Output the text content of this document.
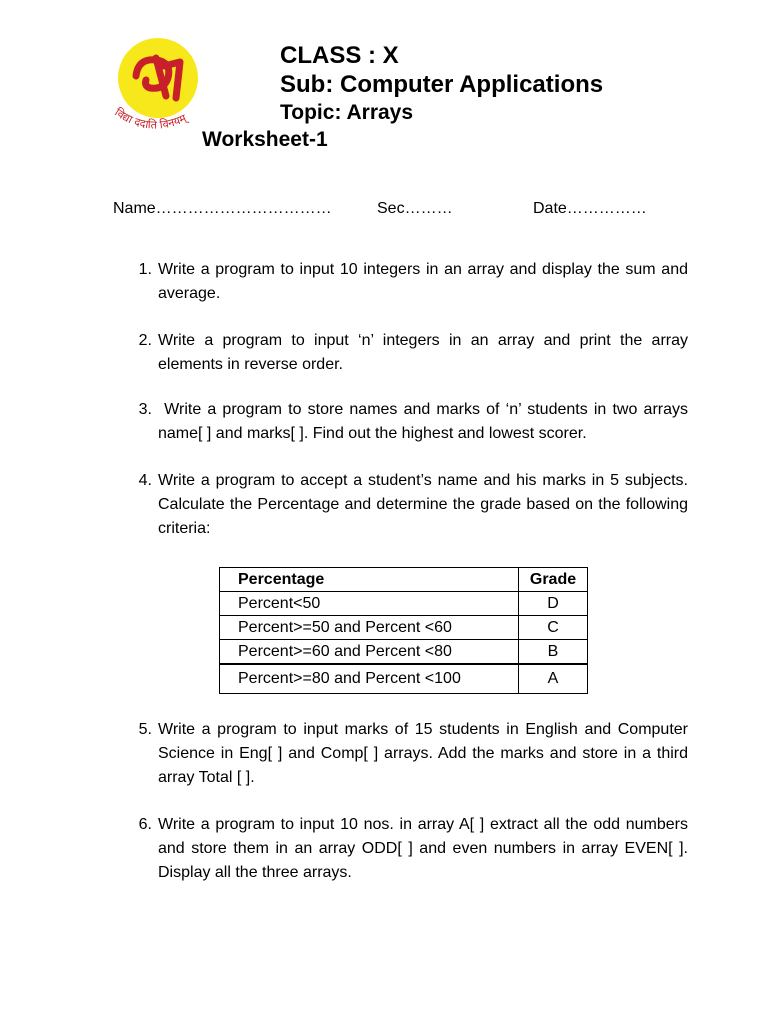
विद्या ददाति विनयम्
CLASS : X
Sub: Computer Applications
Topic: Arrays
Worksheet-1
Name……………………………	Sec………	Date……………
1. Write a program to input 10 integers in an array and display the sum and average.
2. Write a program to input ‘n’ integers in an array and print the array elements in reverse order.
3. Write a program to store names and marks of ‘n’ students in two arrays name[ ] and marks[ ]. Find out the highest and lowest scorer.
4. Write a program to accept a student’s name and his marks in 5 subjects. Calculate the Percentage and determine the grade based on the following criteria:
Percentage	Grade
Percent<50	D
Percent>=50 and Percent <60	C
Percent>=60 and Percent <80	B
Percent>=80 and Percent <100	A
5. Write a program to input marks of 15 students in English and Computer Science in Eng[ ] and Comp[ ] arrays. Add the marks and store in a third array Total [ ].
6. Write a program to input 10 nos. in array A[ ] extract all the odd numbers and store them in an array ODD[ ] and even numbers in array EVEN[ ]. Display all the three arrays.
